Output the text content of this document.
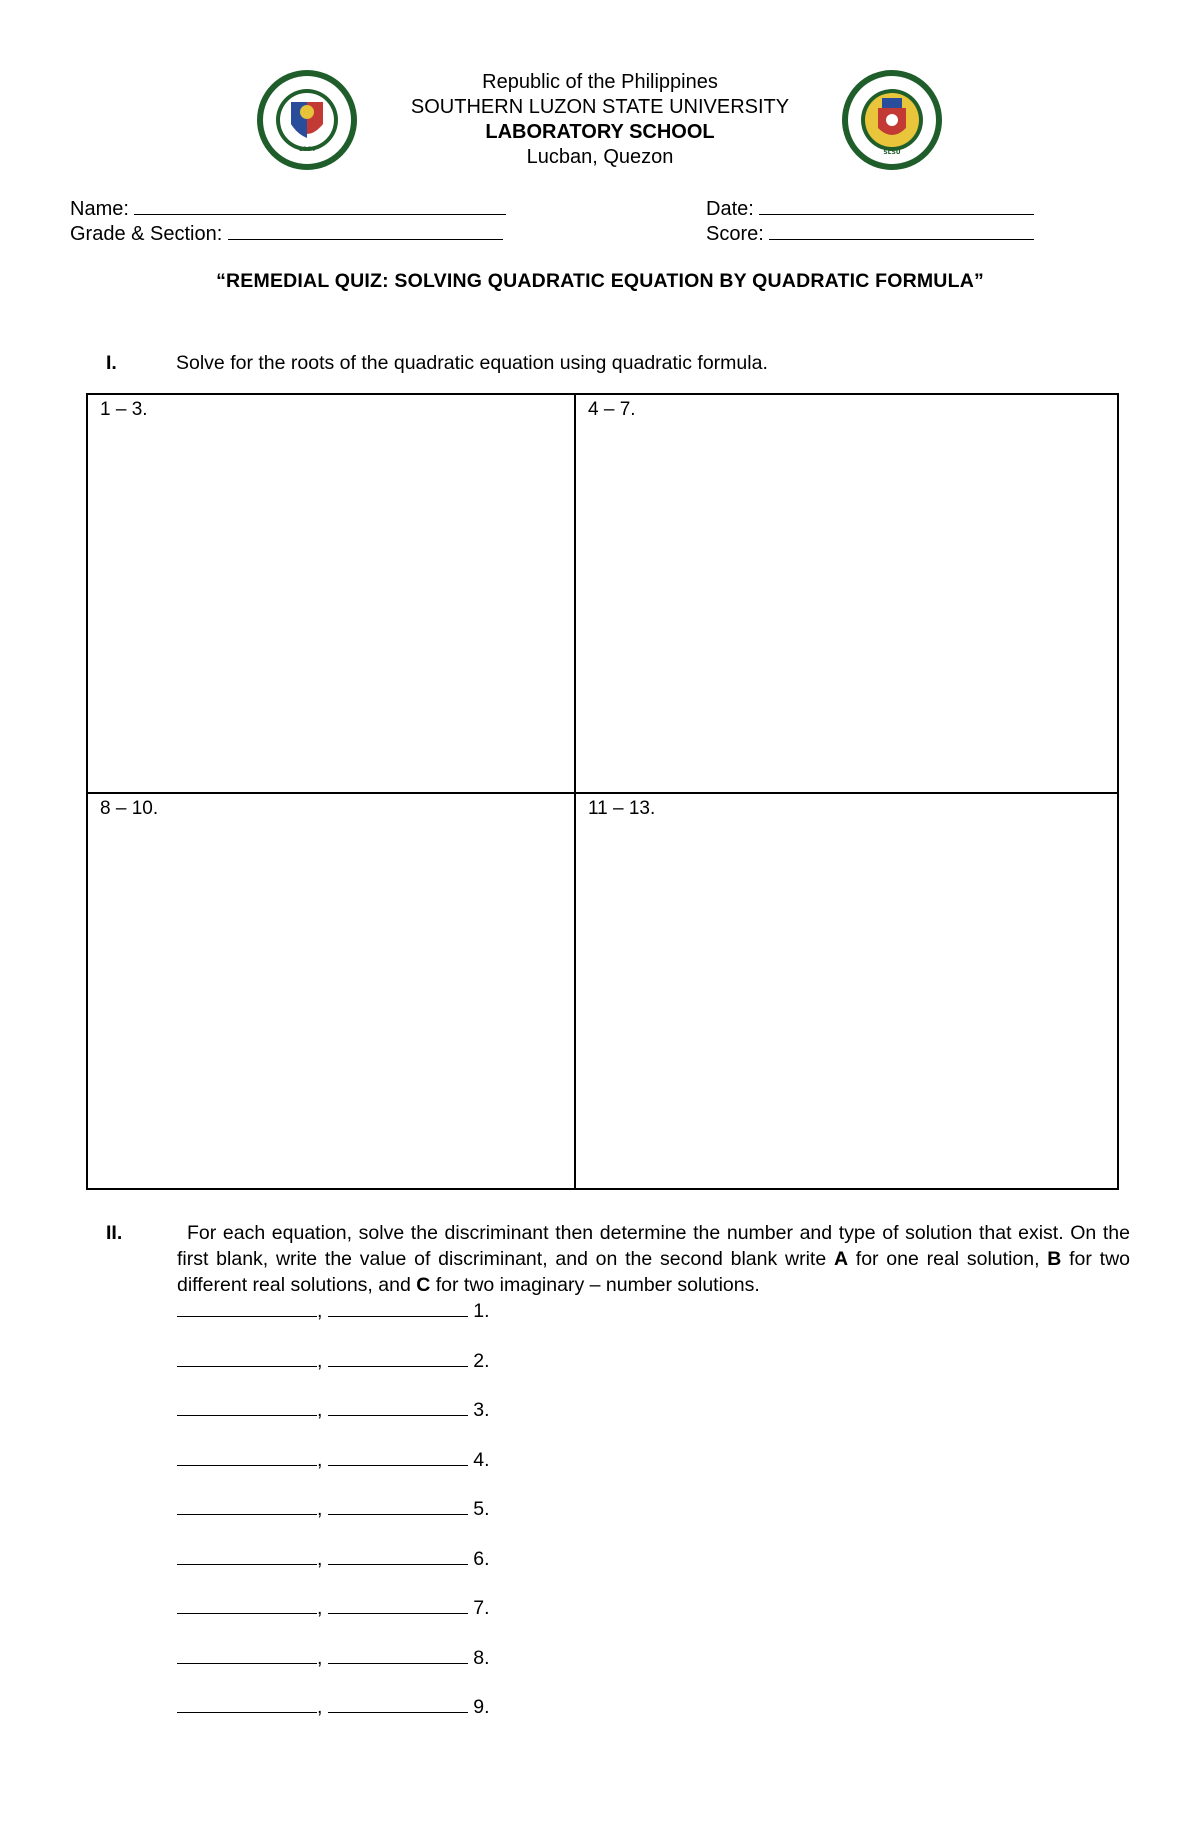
1964	SLSU
Republic of the Philippines
SOUTHERN LUZON STATE UNIVERSITY
LABORATORY SCHOOL
Lucban, Quezon
Name:
Grade & Section:
Date:
Score:
“REMEDIAL QUIZ: SOLVING QUADRATIC EQUATION BY QUADRATIC FORMULA”
I.	Solve for the roots of the quadratic equation using quadratic formula.
1 – 3.	4 – 7.
8 – 10.	11 – 13.
II.	For each equation, solve the discriminant then determine the number and type of solution that exist. On the first blank, write the value of discriminant, and on the second blank write A for one real solution, B for two different real solutions, and C for two imaginary – number solutions.
,	1.
,	2.
,	3.
,	4.
,	5.
,	6.
,	7.
,	8.
,	9.
